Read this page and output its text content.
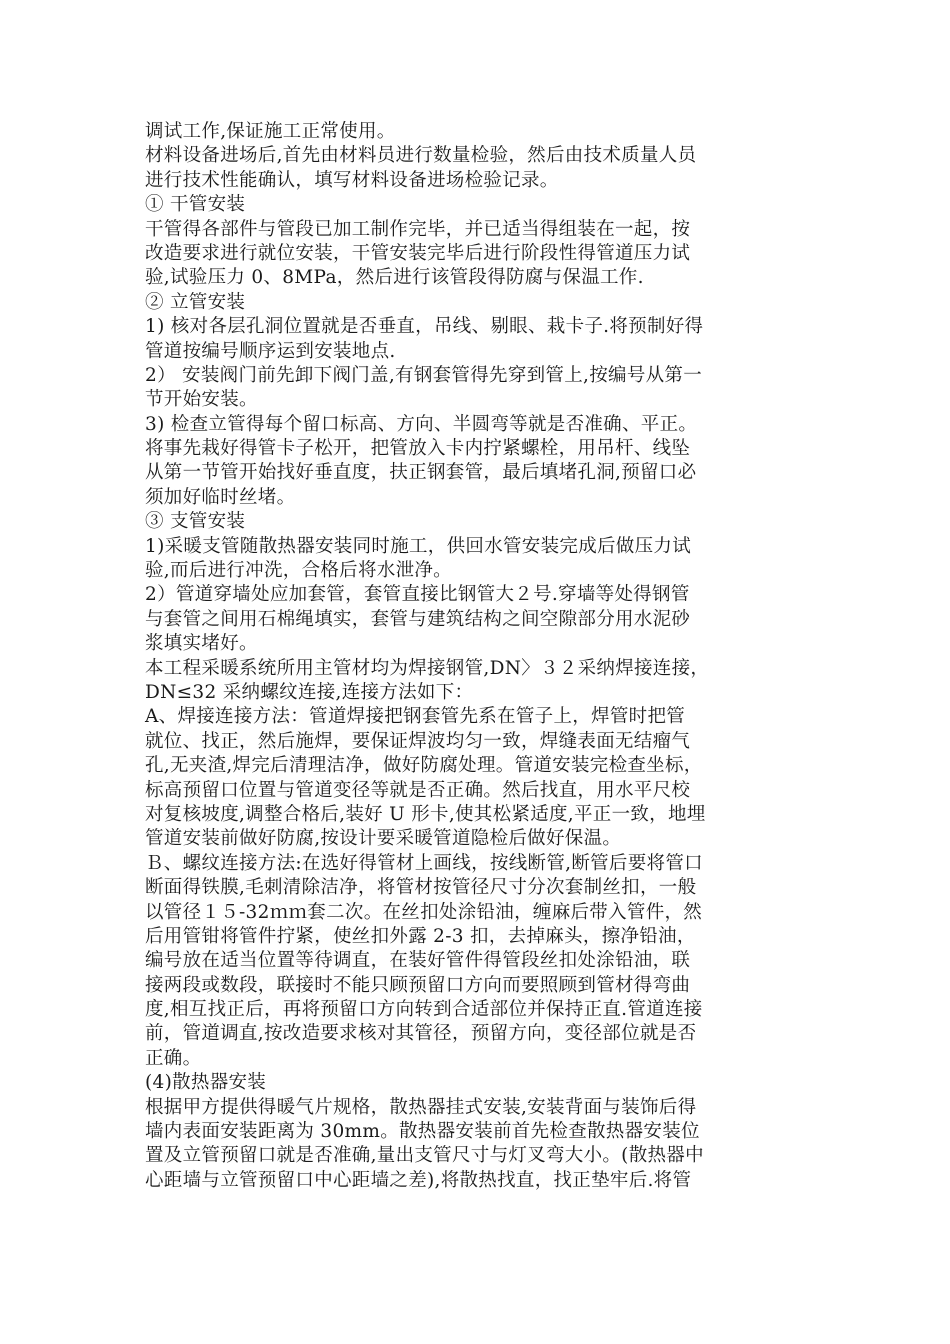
调试工作,保证施工正常使用。
材料设备进场后,首先由材料员进行数量检验，然后由技术质量人员
进行技术性能确认，填写材料设备进场检验记录。
① 干管安装
干管得各部件与管段已加工制作完毕，并已适当得组装在一起，按
改造要求进行就位安装，干管安装完毕后进行阶段性得管道压力试
验,试验压力 0、8MPa，然后进行该管段得防腐与保温工作.
② 立管安装
1) 核对各层孔洞位置就是否垂直，吊线、剔眼、栽卡子.将预制好得
管道按编号顺序运到安装地点.
2） 安装阀门前先卸下阀门盖,有钢套管得先穿到管上,按编号从第一
节开始安装。
3) 检查立管得每个留口标高、方向、半圆弯等就是否准确、平正。
将事先栽好得管卡子松开，把管放入卡内拧紧螺栓，用吊杆、线坠
从第一节管开始找好垂直度，扶正钢套管，最后填堵孔洞,预留口必
须加好临时丝堵。
③ 支管安装
1)采暖支管随散热器安装同时施工，供回水管安装完成后做压力试
验,而后进行冲洗，合格后将水泄净。
2）管道穿墙处应加套管，套管直接比钢管大２号.穿墙等处得钢管
与套管之间用石棉绳填实，套管与建筑结构之间空隙部分用水泥砂
浆填实堵好。
本工程采暖系统所用主管材均为焊接钢管,DN〉３２采纳焊接连接，
DN≤32 采纳螺纹连接,连接方法如下：
A、焊接连接方法：管道焊接把钢套管先系在管子上，焊管时把管
就位、找正，然后施焊，要保证焊波均匀一致，焊缝表面无结瘤气
孔,无夹渣,焊完后清理洁净，做好防腐处理。管道安装完检查坐标，
标高预留口位置与管道变径等就是否正确。然后找直，用水平尺校
对复核坡度,调整合格后,装好 U 形卡,使其松紧适度,平正一致，地埋
管道安装前做好防腐,按设计要采暖管道隐检后做好保温。
Ｂ、螺纹连接方法:在选好得管材上画线，按线断管,断管后要将管口
断面得铁膜,毛刺清除洁净，将管材按管径尺寸分次套制丝扣，一般
以管径１５-32ｍｍ套二次。在丝扣处涂铅油，缠麻后带入管件，然
后用管钳将管件拧紧，使丝扣外露 2-3 扣，去掉麻头，擦净铅油，
编号放在适当位置等待调直，在装好管件得管段丝扣处涂铅油，联
接两段或数段，联接时不能只顾预留口方向而要照顾到管材得弯曲
度,相互找正后，再将预留口方向转到合适部位并保持正直.管道连接
前，管道调直,按改造要求核对其管径，预留方向，变径部位就是否
正确。
(4)散热器安装
根据甲方提供得暖气片规格，散热器挂式安装,安装背面与装饰后得
墙内表面安装距离为 30mm。散热器安装前首先检查散热器安装位
置及立管预留口就是否准确,量出支管尺寸与灯叉弯大小。(散热器中
心距墙与立管预留口中心距墙之差),将散热找直，找正垫牢后.将管
